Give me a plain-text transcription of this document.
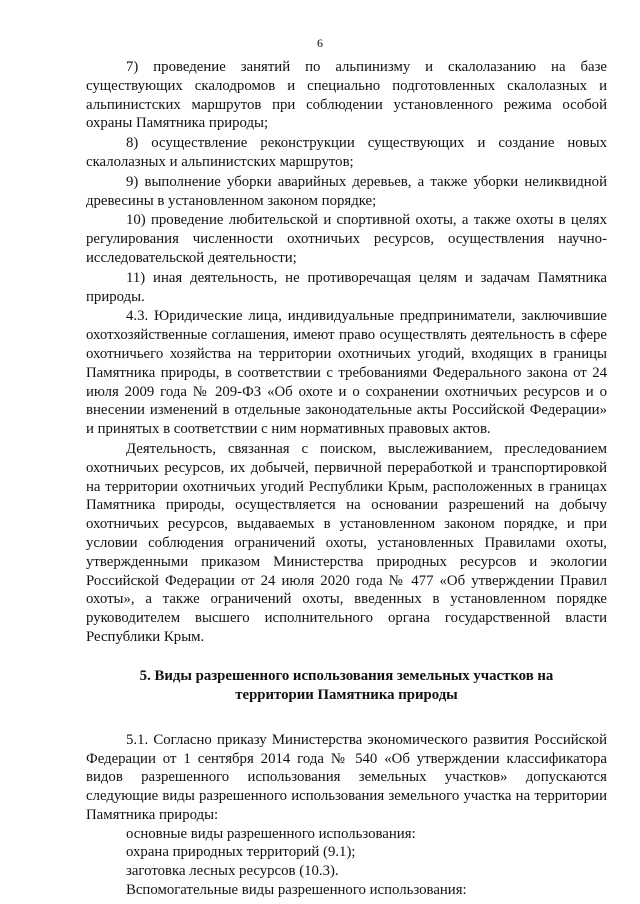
6

7) проведение занятий по альпинизму и скалолазанию на базе существующих скалодромов и специально подготовленных скалолазных и альпинистских маршрутов при соблюдении установленного режима особой охраны Памятника природы;

8) осуществление реконструкции существующих и создание новых скалолазных и альпинистских маршрутов;

9) выполнение уборки аварийных деревьев, а также уборки неликвидной древесины в установленном законом порядке;

10) проведение любительской и спортивной охоты, а также охоты в целях регулирования численности охотничьих ресурсов, осуществления научно-исследовательской деятельности;

11) иная деятельность, не противоречащая целям и задачам Памятника природы.

4.3. Юридические лица, индивидуальные предприниматели, заключившие охотхозяйственные соглашения, имеют право осуществлять деятельность в сфере охотничьего хозяйства на территории охотничьих угодий, входящих в границы Памятника природы, в соответствии с требованиями Федерального закона от 24 июля 2009 года № 209-ФЗ «Об охоте и о сохранении охотничьих ресурсов и о внесении изменений в отдельные законодательные акты Российской Федерации» и принятых в соответствии с ним нормативных правовых актов.

Деятельность, связанная с поиском, выслеживанием, преследованием охотничьих ресурсов, их добычей, первичной переработкой и транспортировкой на территории охотничьих угодий Республики Крым, расположенных в границах Памятника природы, осуществляется на основании разрешений на добычу охотничьих ресурсов, выдаваемых в установленном законом порядке, и при условии соблюдения ограничений охоты, установленных Правилами охоты, утвержденными приказом Министерства природных ресурсов и экологии Российской Федерации от 24 июля 2020 года № 477 «Об утверждении Правил охоты», а также ограничений охоты, введенных в установленном порядке руководителем высшего исполнительного органа государственной власти Республики Крым.

5. Виды разрешенного использования земельных участков на
территории Памятника природы

5.1. Согласно приказу Министерства экономического развития Российской Федерации от 1 сентября 2014 года № 540 «Об утверждении классификатора видов разрешенного использования земельных участков» допускаются следующие виды разрешенного использования земельного участка на территории Памятника природы:

основные виды разрешенного использования:

охрана природных территорий (9.1);

заготовка лесных ресурсов (10.3).

Вспомогательные виды разрешенного использования:
